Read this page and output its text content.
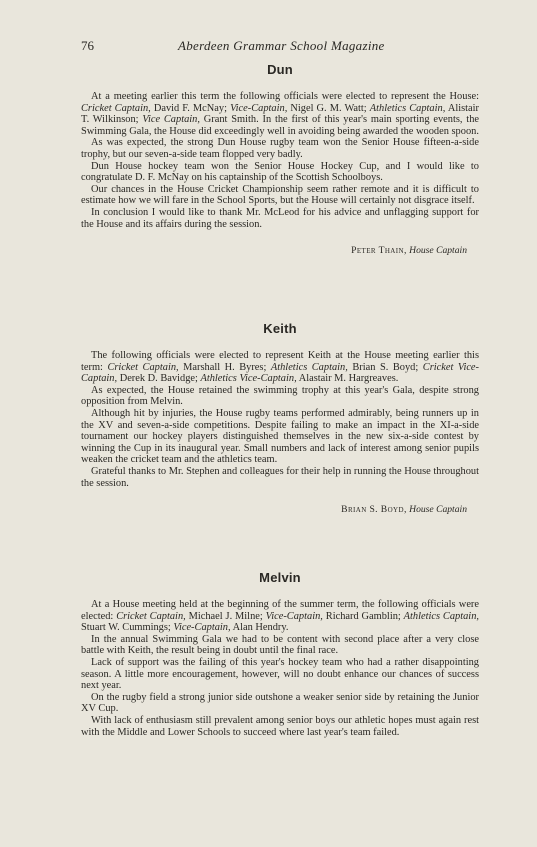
76	Aberdeen Grammar School Magazine
Dun

At a meeting earlier this term the following officials were elected to represent the House: Cricket Captain, David F. McNay; Vice-Captain, Nigel G. M. Watt; Athletics Captain, Alistair T. Wilkinson; Vice Captain, Grant Smith. In the first of this year's main sporting events, the Swimming Gala, the House did exceedingly well in avoiding being awarded the wooden spoon.

As was expected, the strong Dun House rugby team won the Senior House fifteen-a-side trophy, but our seven-a-side team flopped very badly.

Dun House hockey team won the Senior House Hockey Cup, and I would like to congratulate D. F. McNay on his captainship of the Scottish Schoolboys.

Our chances in the House Cricket Championship seem rather remote and it is difficult to estimate how we will fare in the School Sports, but the House will certainly not disgrace itself.

In conclusion I would like to thank Mr. McLeod for his advice and unflagging support for the House and its affairs during the session.

Peter Thain, House Captain
Keith

The following officials were elected to represent Keith at the House meeting earlier this term: Cricket Captain, Marshall H. Byres; Athletics Captain, Brian S. Boyd; Cricket Vice-Captain, Derek D. Bavidge; Athletics Vice-Captain, Alastair M. Hargreaves.

As expected, the House retained the swimming trophy at this year's Gala, despite strong opposition from Melvin.

Although hit by injuries, the House rugby teams performed admirably, being runners up in the XV and seven-a-side competitions. Despite failing to make an impact in the XI-a-side tournament our hockey players distinguished themselves in the new six-a-side contest by winning the Cup in its inaugural year. Small numbers and lack of interest among senior pupils weaken the cricket team and the athletics team.

Grateful thanks to Mr. Stephen and colleagues for their help in running the House throughout the session.

Brian S. Boyd, House Captain
Melvin

At a House meeting held at the beginning of the summer term, the following officials were elected: Cricket Captain, Michael J. Milne; Vice-Captain, Richard Gamblin; Athletics Captain, Stuart W. Cummings; Vice-Captain, Alan Hendry.

In the annual Swimming Gala we had to be content with second place after a very close battle with Keith, the result being in doubt until the final race.

Lack of support was the failing of this year's hockey team who had a rather disappointing season. A little more encouragement, however, will no doubt enhance our chances of success next year.

On the rugby field a strong junior side outshone a weaker senior side by retaining the Junior XV Cup.

With lack of enthusiasm still prevalent among senior boys our athletic hopes must again rest with the Middle and Lower Schools to succeed where last year's team failed.
